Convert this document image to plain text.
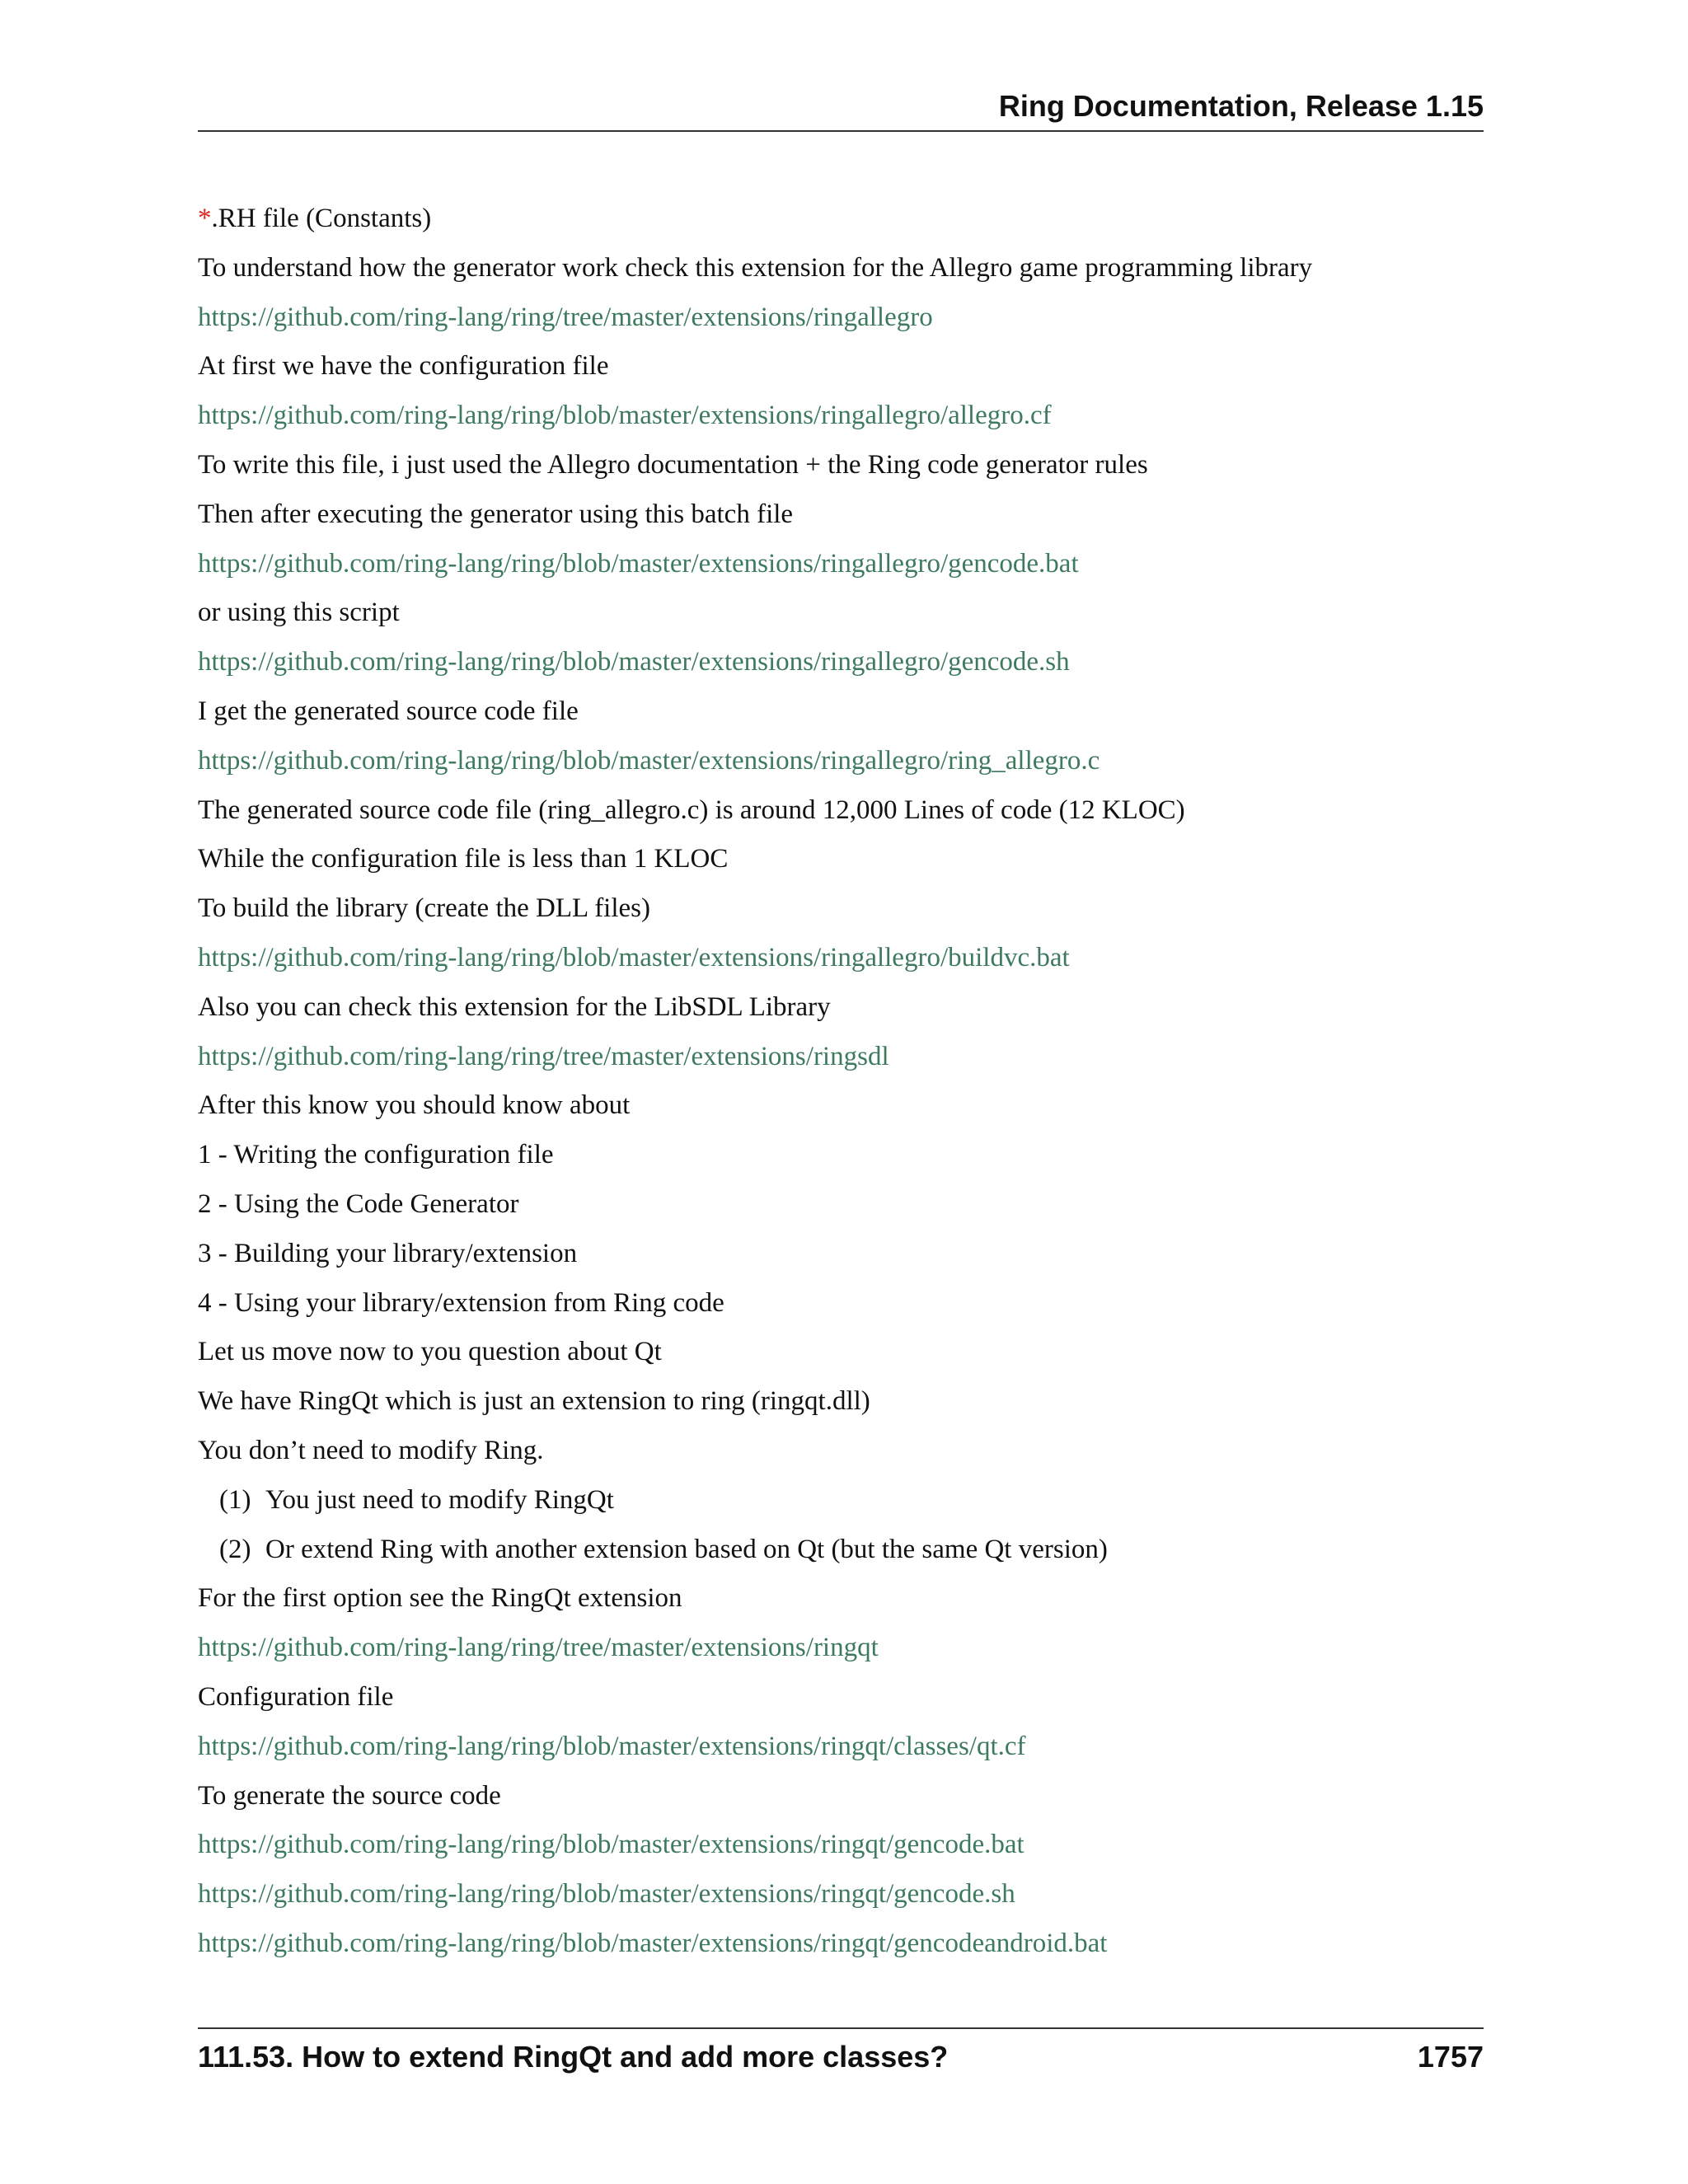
Ring Documentation, Release 1.15
*.RH file (Constants)
To understand how the generator work check this extension for the Allegro game programming library
https://github.com/ring-lang/ring/tree/master/extensions/ringallegro
At first we have the configuration file
https://github.com/ring-lang/ring/blob/master/extensions/ringallegro/allegro.cf
To write this file, i just used the Allegro documentation + the Ring code generator rules
Then after executing the generator using this batch file
https://github.com/ring-lang/ring/blob/master/extensions/ringallegro/gencode.bat
or using this script
https://github.com/ring-lang/ring/blob/master/extensions/ringallegro/gencode.sh
I get the generated source code file
https://github.com/ring-lang/ring/blob/master/extensions/ringallegro/ring_allegro.c
The generated source code file (ring_allegro.c) is around 12,000 Lines of code (12 KLOC)
While the configuration file is less than 1 KLOC
To build the library (create the DLL files)
https://github.com/ring-lang/ring/blob/master/extensions/ringallegro/buildvc.bat
Also you can check this extension for the LibSDL Library
https://github.com/ring-lang/ring/tree/master/extensions/ringsdl
After this know you should know about
1 - Writing the configuration file
2 - Using the Code Generator
3 - Building your library/extension
4 - Using your library/extension from Ring code
Let us move now to you question about Qt
We have RingQt which is just an extension to ring (ringqt.dll)
You don’t need to modify Ring.
(1) You just need to modify RingQt
(2) Or extend Ring with another extension based on Qt (but the same Qt version)
For the first option see the RingQt extension
https://github.com/ring-lang/ring/tree/master/extensions/ringqt
Configuration file
https://github.com/ring-lang/ring/blob/master/extensions/ringqt/classes/qt.cf
To generate the source code
https://github.com/ring-lang/ring/blob/master/extensions/ringqt/gencode.bat
https://github.com/ring-lang/ring/blob/master/extensions/ringqt/gencode.sh
https://github.com/ring-lang/ring/blob/master/extensions/ringqt/gencodeandroid.bat
111.53. How to extend RingQt and add more classes?	1757
